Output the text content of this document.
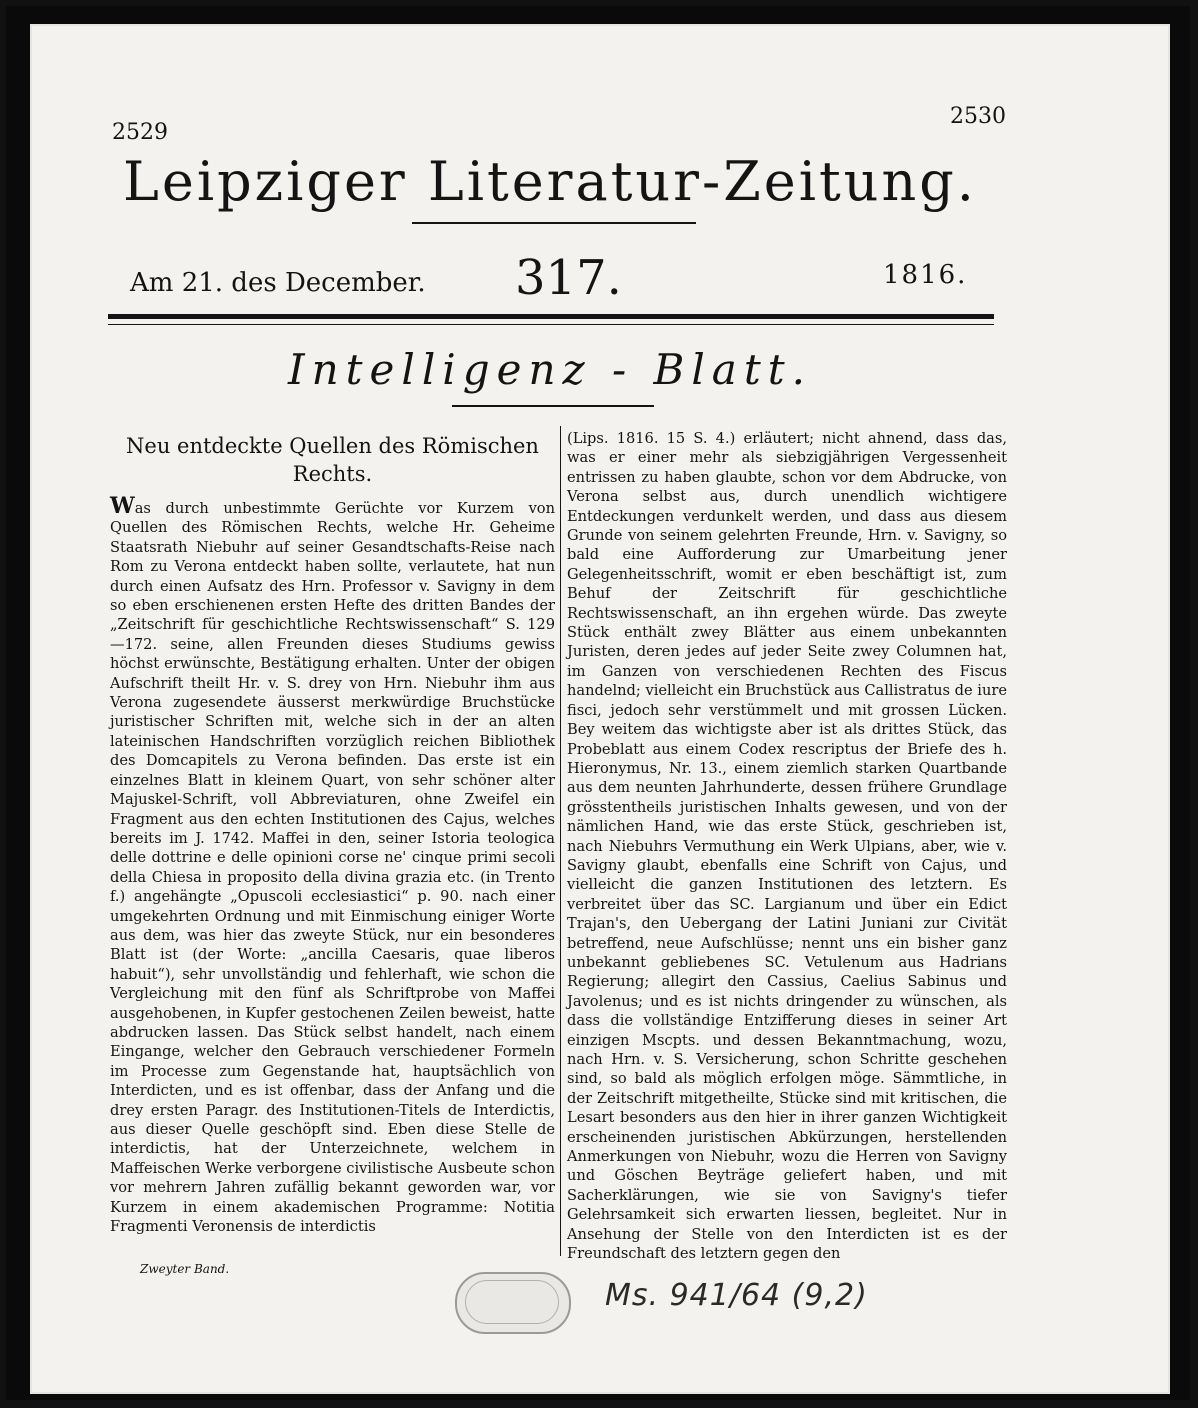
2529
2530
Leipziger Literatur-Zeitung.
Am 21. des December. 317.	1816.
Intelligenz - Blatt.
Neu entdeckte Quellen des Römischen
Rechts.

Was durch unbestimmte Gerüchte vor Kurzem von Quellen des Römischen Rechts, welche Hr. Geheime Staatsrath Niebuhr auf seiner Gesandtschafts-Reise nach Rom zu Verona entdeckt haben sollte, verlautete, hat nun durch einen Aufsatz des Hrn. Professor v. Savigny in dem so eben erschienenen ersten Hefte des dritten Bandes der „Zeitschrift für geschichtliche Rechtswissenschaft“ S. 129—172. seine, allen Freunden dieses Studiums gewiss höchst erwünschte, Bestätigung erhalten. Unter der obigen Aufschrift theilt Hr. v. S. drey von Hrn. Niebuhr ihm aus Verona zugesendete äusserst merkwürdige Bruchstücke juristischer Schriften mit, welche sich in der an alten lateinischen Handschriften vorzüglich reichen Bibliothek des Domcapitels zu Verona befinden. Das erste ist ein einzelnes Blatt in kleinem Quart, von sehr schöner alter Majuskel-Schrift, voll Abbreviaturen, ohne Zweifel ein Fragment aus den echten Institutionen des Cajus, welches bereits im J. 1742. Maffei in den, seiner Istoria teologica delle dottrine e delle opinioni corse ne' cinque primi secoli della Chiesa in proposito della divina grazia etc. (in Trento f.) angehängte „Opuscoli ecclesiastici“ p. 90. nach einer umgekehrten Ordnung und mit Einmischung einiger Worte aus dem, was hier das zweyte Stück, nur ein besonderes Blatt ist (der Worte: „ancilla Caesaris, quae liberos habuit“), sehr unvollständig und fehlerhaft, wie schon die Vergleichung mit den fünf als Schriftprobe von Maffei ausgehobenen, in Kupfer gestochenen Zeilen beweist, hatte abdrucken lassen. Das Stück selbst handelt, nach einem Eingange, welcher den Gebrauch verschiedener Formeln im Processe zum Gegenstande hat, hauptsächlich von Interdicten, und es ist offenbar, dass der Anfang und die drey ersten Paragr. des Institutionen-Titels de Interdictis, aus dieser Quelle geschöpft sind. Eben diese Stelle de interdictis, hat der Unterzeichnete, welchem in Maffeischen Werke verborgene civilistische Ausbeute schon vor mehrern Jahren zufällig bekannt geworden war, vor Kurzem in einem akademischen Programme: Notitia Fragmenti Veronensis de interdictis

(Lips. 1816. 15 S. 4.) erläutert; nicht ahnend, dass das, was er einer mehr als siebzigjährigen Vergessenheit entrissen zu haben glaubte, schon vor dem Abdrucke, von Verona selbst aus, durch unendlich wichtigere Entdeckungen verdunkelt werden, und dass aus diesem Grunde von seinem gelehrten Freunde, Hrn. v. Savigny, so bald eine Aufforderung zur Umarbeitung jener Gelegenheitsschrift, womit er eben beschäftigt ist, zum Behuf der Zeitschrift für geschichtliche Rechtswissenschaft, an ihn ergehen würde. Das zweyte Stück enthält zwey Blätter aus einem unbekannten Juristen, deren jedes auf jeder Seite zwey Columnen hat, im Ganzen von verschiedenen Rechten des Fiscus handelnd; vielleicht ein Bruchstück aus Callistratus de iure fisci, jedoch sehr verstümmelt und mit grossen Lücken. Bey weitem das wichtigste aber ist als drittes Stück, das Probeblatt aus einem Codex rescriptus der Briefe des h. Hieronymus, Nr. 13., einem ziemlich starken Quartbande aus dem neunten Jahrhunderte, dessen frühere Grundlage grösstentheils juristischen Inhalts gewesen, und von der nämlichen Hand, wie das erste Stück, geschrieben ist, nach Niebuhrs Vermuthung ein Werk Ulpians, aber, wie v. Savigny glaubt, ebenfalls eine Schrift von Cajus, und vielleicht die ganzen Institutionen des letztern. Es verbreitet über das SC. Largianum und über ein Edict Trajan's, den Uebergang der Latini Juniani zur Civität betreffend, neue Aufschlüsse; nennt uns ein bisher ganz unbekannt gebliebenes SC. Vetulenum aus Hadrians Regierung; allegirt den Cassius, Caelius Sabinus und Javolenus; und es ist nichts dringender zu wünschen, als dass die vollständige Entzifferung dieses in seiner Art einzigen Mscpts. und dessen Bekanntmachung, wozu, nach Hrn. v. S. Versicherung, schon Schritte geschehen sind, so bald als möglich erfolgen möge. Sämmtliche, in der Zeitschrift mitgetheilte, Stücke sind mit kritischen, die Lesart besonders aus den hier in ihrer ganzen Wichtigkeit erscheinenden juristischen Abkürzungen, herstellenden Anmerkungen von Niebuhr, wozu die Herren von Savigny und Göschen Beyträge geliefert haben, und mit Sacherklärungen, wie sie von Savigny's tiefer Gelehrsamkeit sich erwarten liessen, begleitet. Nur in Ansehung der Stelle von den Interdicten ist es der Freundschaft des letztern gegen den

Zweyter Band.
Ms. 941/64 (9,2)
